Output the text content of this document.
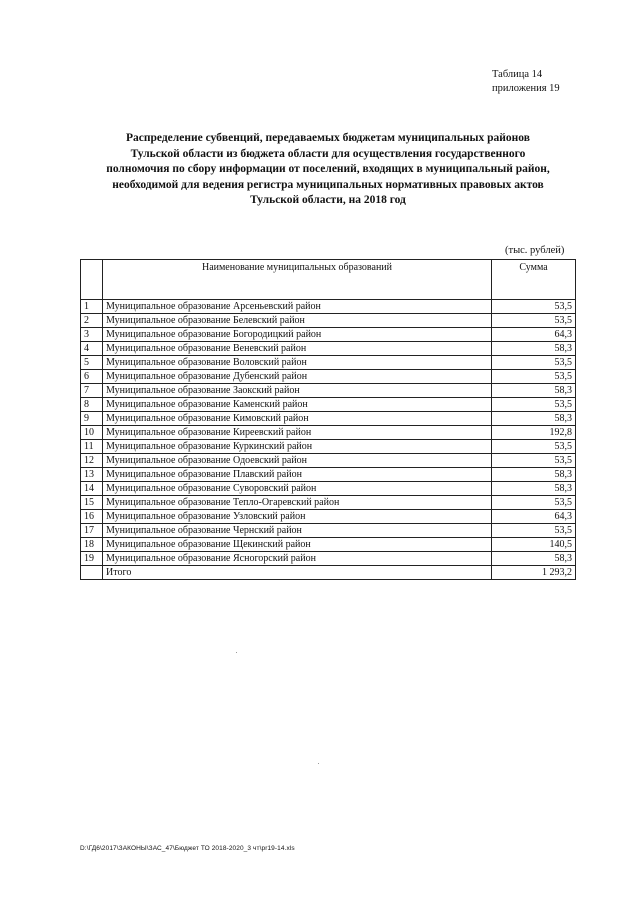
Таблица 14
приложения 19
Распределение субвенций, передаваемых бюджетам муниципальных районов
Тульской области из бюджета области для осуществления государственного
полномочия по сбору информации от поселений, входящих в муниципальный район,
необходимой для ведения регистра муниципальных нормативных правовых актов
Тульской области, на 2018 год
(тыс. рублей)
	Наименование муниципальных образований	Сумма
1	Муниципальное образование Арсеньевский район	53,5
2	Муниципальное образование Белевский район	53,5
3	Муниципальное образование Богородицкий район	64,3
4	Муниципальное образование Веневский район	58,3
5	Муниципальное образование Воловский район	53,5
6	Муниципальное образование Дубенский район	53,5
7	Муниципальное образование Заокский район	58,3
8	Муниципальное образование Каменский район	53,5
9	Муниципальное образование Кимовский район	58,3
10	Муниципальное образование Киреевский район	192,8
11	Муниципальное образование Куркинский район	53,5
12	Муниципальное образование Одоевский район	53,5
13	Муниципальное образование Плавский район	58,3
14	Муниципальное образование Суворовский район	58,3
15	Муниципальное образование Тепло-Огаревский район	53,5
16	Муниципальное образование Узловский район	64,3
17	Муниципальное образование Чернский район	53,5
18	Муниципальное образование Щекинский район	140,5
19	Муниципальное образование Ясногорский район	58,3
	Итого	1 293,2
D:\ГД6\2017\ЗАКОНЫ\ЗАС_47\Бюджет ТО 2018-2020_3 чт\pr19-14.xls
